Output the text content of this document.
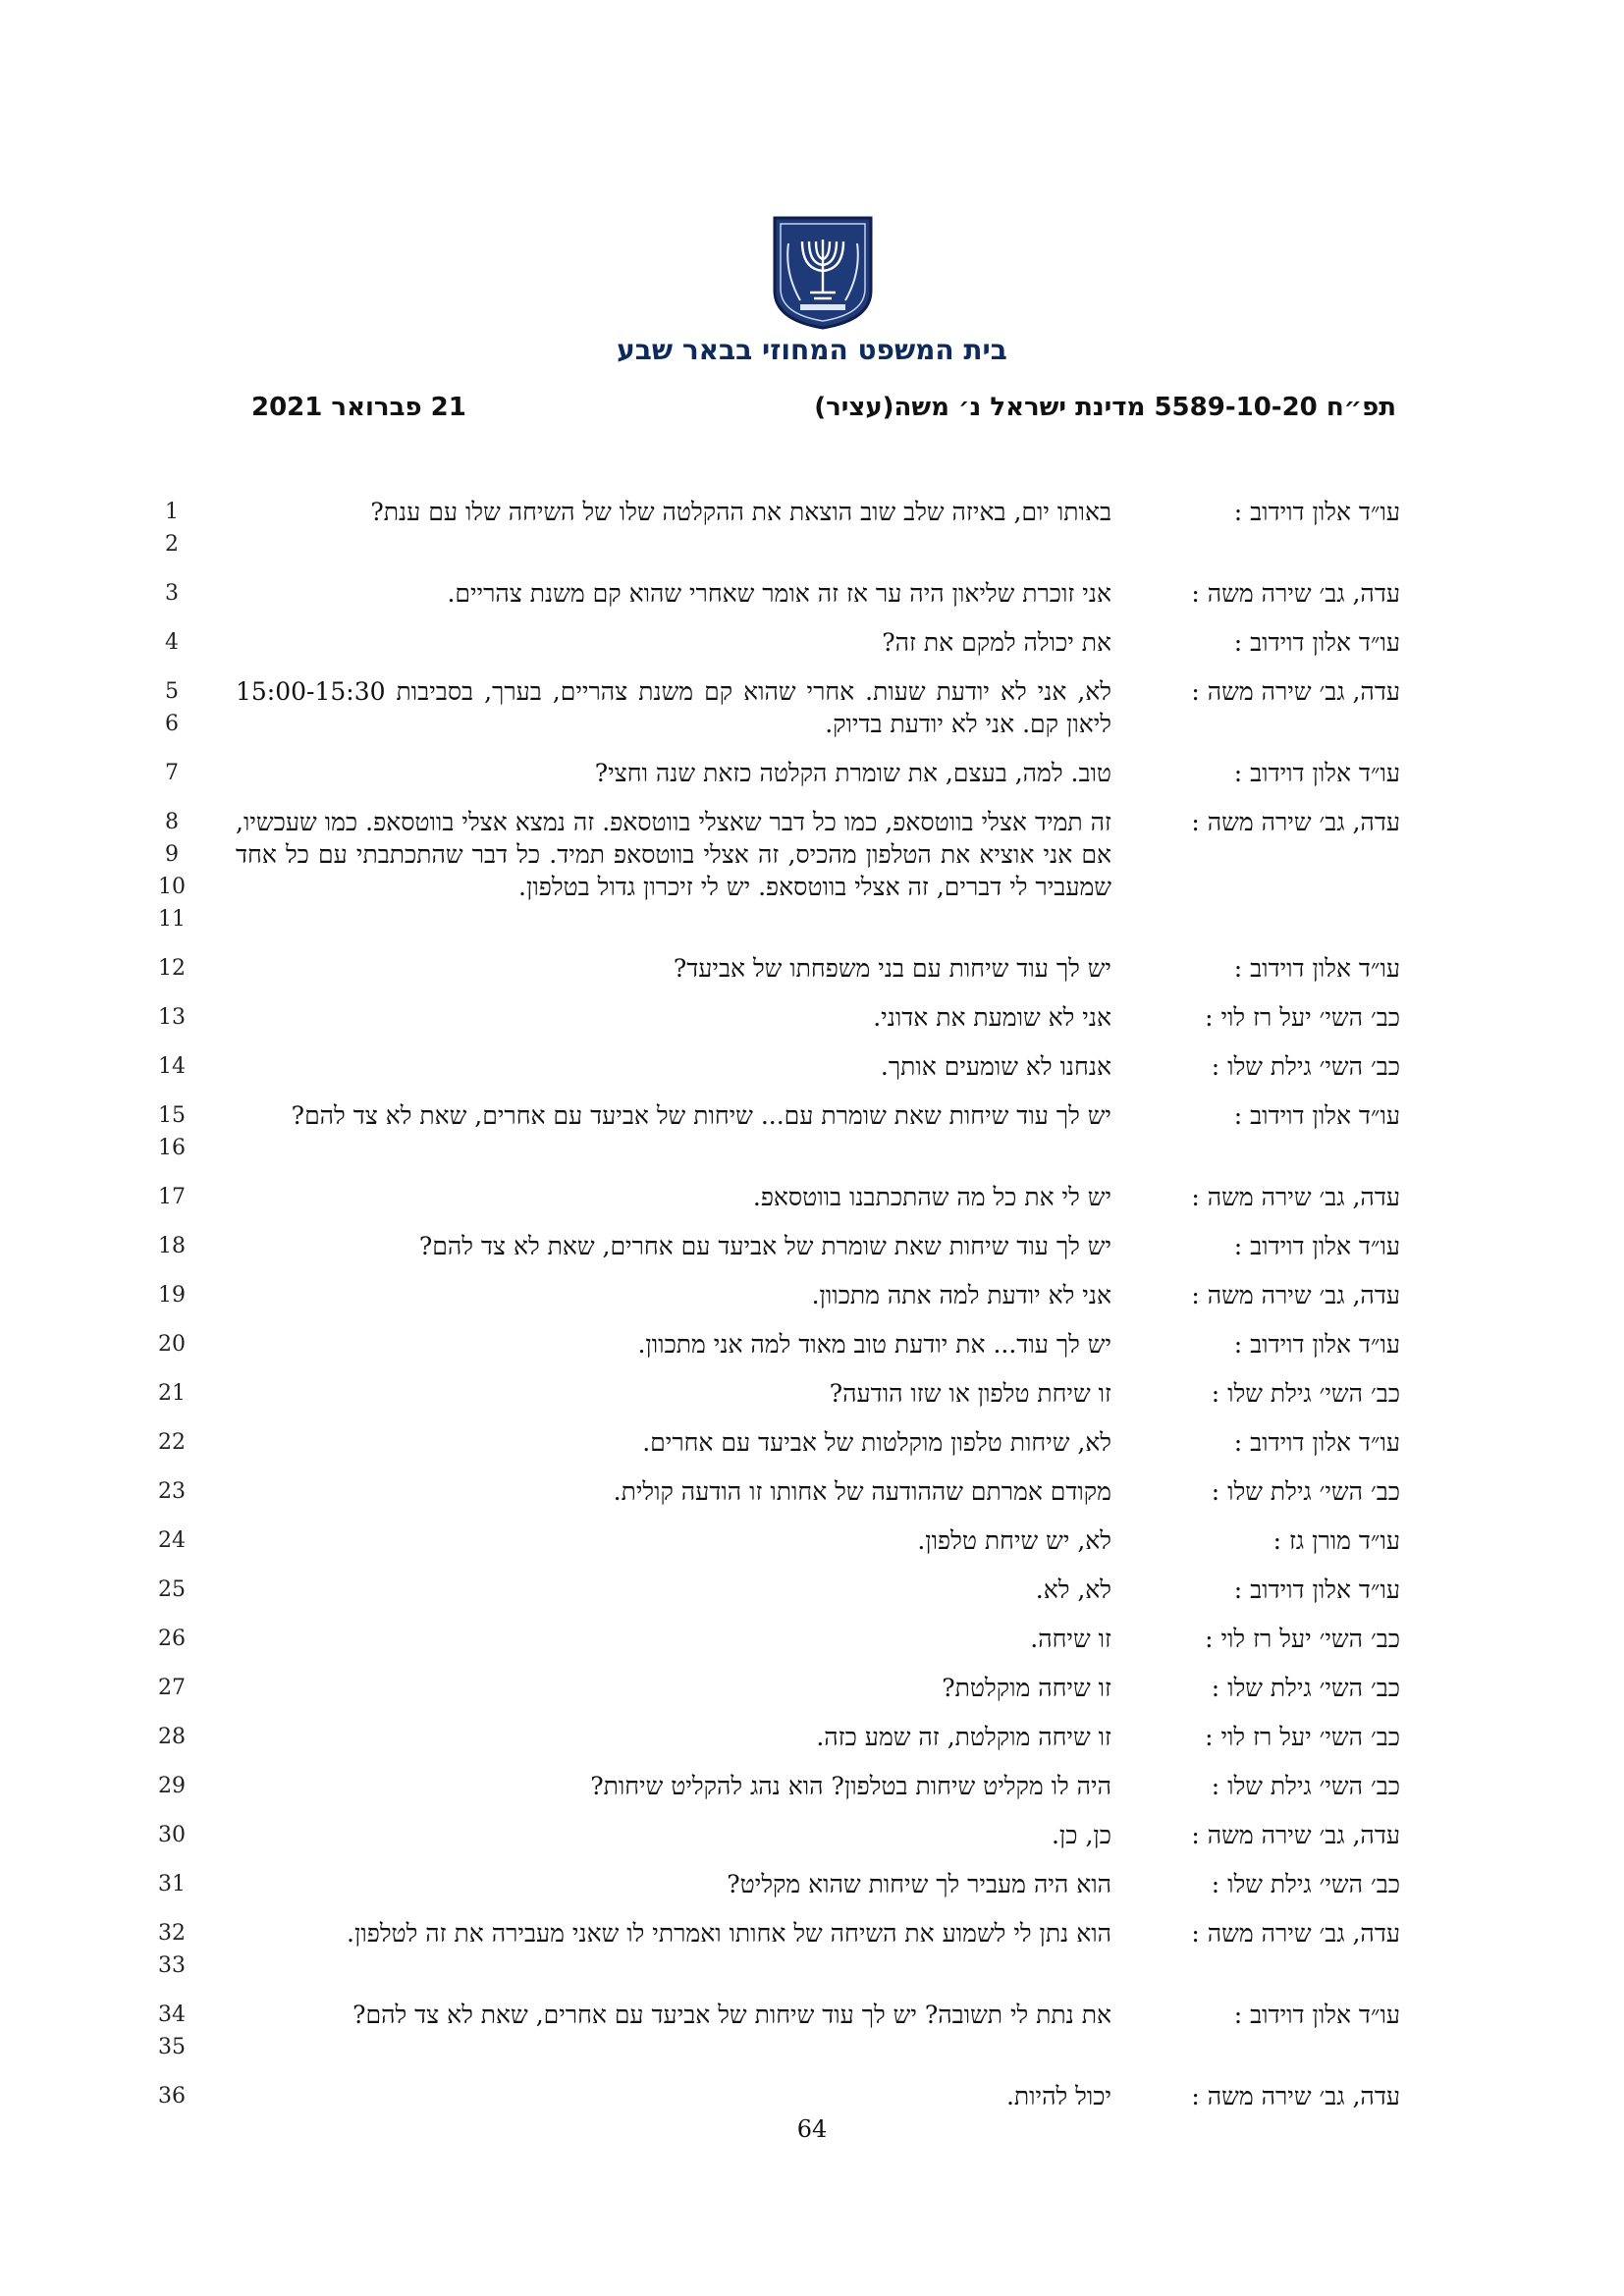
בית המשפט המחוזי בבאר שבע
תפ״ח 5589-10-20 מדינת ישראל נ׳ משה(עציר)
21 פברואר 2021
עו״ד אלון דוידוב :
באותו יום, באיזה שלב שוב הוצאת את ההקלטה שלו של השיחה שלו עם ענת?
1
2
עדה, גב׳ שירה משה :
אני זוכרת שליאון היה ער אז זה אומר שאחרי שהוא קם משנת צהריים.
3
עו״ד אלון דוידוב :
את יכולה למקם את זה?
4
עדה, גב׳ שירה משה :
לא, אני לא יודעת שעות. אחרי שהוא קם משנת צהריים, בערך, בסביבות 15:00-15:30 ליאון קם. אני לא יודעת בדיוק.
5
6
עו״ד אלון דוידוב :
טוב. למה, בעצם, את שומרת הקלטה כזאת שנה וחצי?
7
עדה, גב׳ שירה משה :
זה תמיד אצלי בווטסאפ, כמו כל דבר שאצלי בווטסאפ. זה נמצא אצלי בווטסאפ. כמו שעכשיו, אם אני אוציא את הטלפון מהכיס, זה אצלי בווטסאפ תמיד. כל דבר שהתכתבתי עם כל אחד שמעביר לי דברים, זה אצלי בווטסאפ. יש לי זיכרון גדול בטלפון.
8
9
10
11
עו״ד אלון דוידוב :
יש לך עוד שיחות עם בני משפחתו של אביעד?
12
כב׳ השי׳ יעל רז לוי :
אני לא שומעת את אדוני.
13
כב׳ השי׳ גילת שלו :
אנחנו לא שומעים אותך.
14
עו״ד אלון דוידוב :
יש לך עוד שיחות שאת שומרת עם... שיחות של אביעד עם אחרים, שאת לא צד להם?
15
16
עדה, גב׳ שירה משה :
יש לי את כל מה שהתכתבנו בווטסאפ.
17
עו״ד אלון דוידוב :
יש לך עוד שיחות שאת שומרת של אביעד עם אחרים, שאת לא צד להם?
18
עדה, גב׳ שירה משה :
אני לא יודעת למה אתה מתכוון.
19
עו״ד אלון דוידוב :
יש לך עוד... את יודעת טוב מאוד למה אני מתכוון.
20
כב׳ השי׳ גילת שלו :
זו שיחת טלפון או שזו הודעה?
21
עו״ד אלון דוידוב :
לא, שיחות טלפון מוקלטות של אביעד עם אחרים.
22
כב׳ השי׳ גילת שלו :
מקודם אמרתם שההודעה של אחותו זו הודעה קולית.
23
עו״ד מורן גז :
לא, יש שיחת טלפון.
24
עו״ד אלון דוידוב :
לא, לא.
25
כב׳ השי׳ יעל רז לוי :
זו שיחה.
26
כב׳ השי׳ גילת שלו :
זו שיחה מוקלטת?
27
כב׳ השי׳ יעל רז לוי :
זו שיחה מוקלטת, זה שמע כזה.
28
כב׳ השי׳ גילת שלו :
היה לו מקליט שיחות בטלפון? הוא נהג להקליט שיחות?
29
עדה, גב׳ שירה משה :
כן, כן.
30
כב׳ השי׳ גילת שלו :
הוא היה מעביר לך שיחות שהוא מקליט?
31
עדה, גב׳ שירה משה :
הוא נתן לי לשמוע את השיחה של אחותו ואמרתי לו שאני מעבירה את זה לטלפון.
32
33
עו״ד אלון דוידוב :
את נתת לי תשובה? יש לך עוד שיחות של אביעד עם אחרים, שאת לא צד להם?
34
35
עדה, גב׳ שירה משה :
יכול להיות.
36
64
